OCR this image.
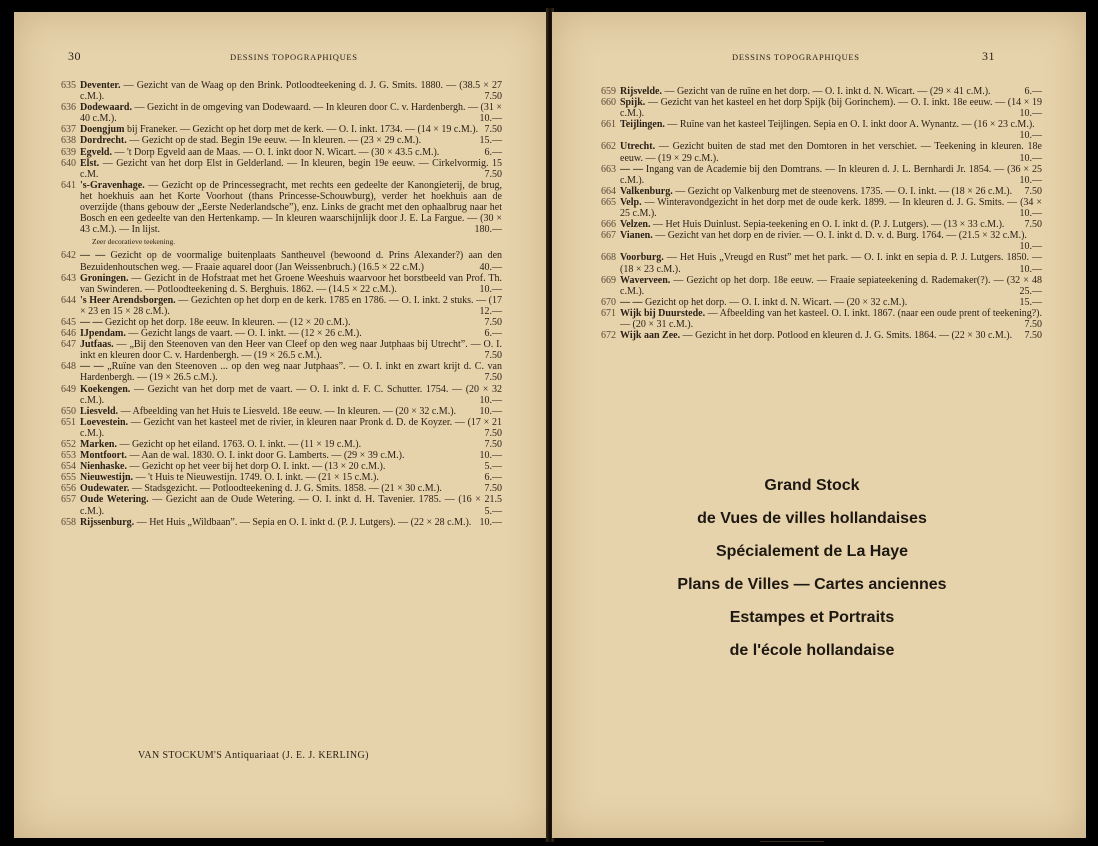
30	DESSINS TOPOGRAPHIQUES
635 Deventer. — Gezicht van de Waag op den Brink. Potloodteekening d. J. G. Smits. 1880. — (38.5 × 27 c.M.).	7.50
636 Dodewaard. — Gezicht in de omgeving van Dodewaard. — In kleuren door C. v. Hardenbergh. — (31 × 40 c.M.).	10.—
637 Doengjum bij Franeker. — Gezicht op het dorp met de kerk. — O. I. inkt. 1734. — (14 × 19 c.M.). 7.50
638 Dordrecht. — Gezicht op de stad. Begin 19e eeuw. — In kleuren. — (23 × 29 c.M.).	15.—
639 Egveld. — 't Dorp Egveld aan de Maas. — O. I. inkt door N. Wicart. — (30 × 43.5 c.M.).	6.—
640 Elst. — Gezicht van het dorp Elst in Gelderland. — In kleuren, begin 19e eeuw. — Cirkelvormig. 15 c.M.	7.50
641 's-Gravenhage. — Gezicht op de Princessegracht, met rechts een gedeelte der Kanongieterij, de brug, het hoekhuis aan het Korte Voorhout (thans Princesse-Schouwburg), verder het hoekhuis aan de overzijde (thans gebouw der „Eerste Nederlandsche”), enz. Links de gracht met den ophaalbrug naar het Bosch en een gedeelte van den Hertenkamp. — In kleuren waarschijnlijk door J. E. La Fargue. — (30 × 43 c.M.). — In lijst.	180.—
Zeer decoratieve teekening.
642 — — Gezicht op de voormalige buitenplaats Santheuvel (bewoond d. Prins Alexander?) aan den Bezuidenhoutschen weg. — Fraaie aquarel door (Jan Weissenbruch.) (16.5 × 22 c.M.)	40.—
643 Groningen. — Gezicht in de Hofstraat met het Groene Weeshuis waarvoor het borstbeeld van Prof. Th. van Swinderen. — Potloodteekening d. S. Berghuis. 1862. — (14.5 × 22 c.M.).	10.—
644 's Heer Arendsborgen. — Gezichten op het dorp en de kerk. 1785 en 1786. — O. I. inkt. 2 stuks. — (17 × 23 en 15 × 28 c.M.).	12.—
645 — — Gezicht op het dorp. 18e eeuw. In kleuren. — (12 × 20 c.M.).	7.50
646 IJpendam. — Gezicht langs de vaart. — O. I. inkt. — (12 × 26 c.M.).	6.—
647 Jutfaas. — „Bij den Steenoven van den Heer van Cleef op den weg naar Jutphaas bij Utrecht”. — O. I. inkt en kleuren door C. v. Hardenbergh. — (19 × 26.5 c.M.).	7.50
648 — — „Ruïne van den Steenoven ... op den weg naar Jutphaas”. — O. I. inkt en zwart krijt d. C. van Hardenbergh. — (19 × 26.5 c.M.).	7.50
649 Koekengen. — Gezicht van het dorp met de vaart. — O. I. inkt d. F. C. Schutter. 1754. — (20 × 32 c.M.).	10.—
650 Liesveld. — Afbeelding van het Huis te Liesveld. 18e eeuw. — In kleuren. — (20 × 32 c.M.).	10.—
651 Loevestein. — Gezicht van het kasteel met de rivier, in kleuren naar Pronk d. D. de Koyzer. — (17 × 21 c.M.).	7.50
652 Marken. — Gezicht op het eiland. 1763. O. I. inkt. — (11 × 19 c.M.).	7.50
653 Montfoort. — Aan de wal. 1830. O. I. inkt door G. Lamberts. — (29 × 39 c.M.).	10.—
654 Nienhaske. — Gezicht op het veer bij het dorp O. I. inkt. — (13 × 20 c.M.).	5.—
655 Nieuwestijn. — 't Huis te Nieuwestijn. 1749. O. I. inkt. — (21 × 15 c.M.).	6.—
656 Oudewater. — Stadsgezicht. — Potloodteekening d. J. G. Smits. 1858. — (21 × 30 c.M.).	7.50
657 Oude Wetering. — Gezicht aan de Oude Wetering. — O. I. inkt d. H. Tavenier. 1785. — (16 × 21.5 c.M.).	5.—
658 Rijssenburg. — Het Huis „Wildbaan”. — Sepia en O. I. inkt d. (P. J. Lutgers). — (22 × 28 c.M.). 10.—
VAN STOCKUM'S Antiquariaat (J. E. J. KERLING)
DESSINS TOPOGRAPHIQUES	31
659 Rijsvelde. — Gezicht van de ruïne en het dorp. — O. I. inkt d. N. Wicart. — (29 × 41 c.M.).	6.—
660 Spijk. — Gezicht van het kasteel en het dorp Spijk (bij Gorinchem). — O. I. inkt. 18e eeuw. — (14 × 19 c.M.).	10.—
661 Teijlingen. — Ruïne van het kasteel Teijlingen. Sepia en O. I. inkt door A. Wynantz. — (16 × 23 c.M.).
10.—
662 Utrecht. — Gezicht buiten de stad met den Domtoren in het verschiet. — Teekening in kleuren. 18e eeuw. — (19 × 29 c.M.).	10.—
663 — — Ingang van de Academie bij den Domtrans. — In kleuren d. J. L. Bernhardi Jr. 1854. — (36 × 25 c.M.).	10.—
664 Valkenburg. — Gezicht op Valkenburg met de steenovens. 1735. — O. I. inkt. — (18 × 26 c.M.).	7.50
665 Velp. — Winteravondgezicht in het dorp met de oude kerk. 1899. — In kleuren d. J. G. Smits. — (34 × 25 c.M.).	10.—
666 Velzen. — Het Huis Duinlust. Sepia-teekening en O. I. inkt d. (P. J. Lutgers). — (13 × 33 c.M.).	7.50
667 Vianen. — Gezicht van het dorp en de rivier. — O. I. inkt d. D. v. d. Burg. 1764. — (21.5 × 32 c.M.).
10.—
668 Voorburg. — Het Huis „Vreugd en Rust” met het park. — O. I. inkt en sepia d. P. J. Lutgers. 1850. — (18 × 23 c.M.).	10.—
669 Waverveen. — Gezicht op het dorp. 18e eeuw. — Fraaie sepiateekening d. Rademaker(?). — (32 × 48 c.M.).	25.—
670 — — Gezicht op het dorp. — O. I. inkt d. N. Wicart. — (20 × 32 c.M.).	15.—
671 Wijk bij Duurstede. — Afbeelding van het kasteel. O. I. inkt. 1867. (naar een oude prent of teekening?). — (20 × 31 c.M.).	7.50
672 Wijk aan Zee. — Gezicht in het dorp. Potlood en kleuren d. J. G. Smits. 1864. — (22 × 30 c.M.).	7.50
Grand Stock
de Vues de villes hollandaises
Spécialement de La Haye
Plans de Villes — Cartes anciennes
Estampes et Portraits
de l'école hollandaise
